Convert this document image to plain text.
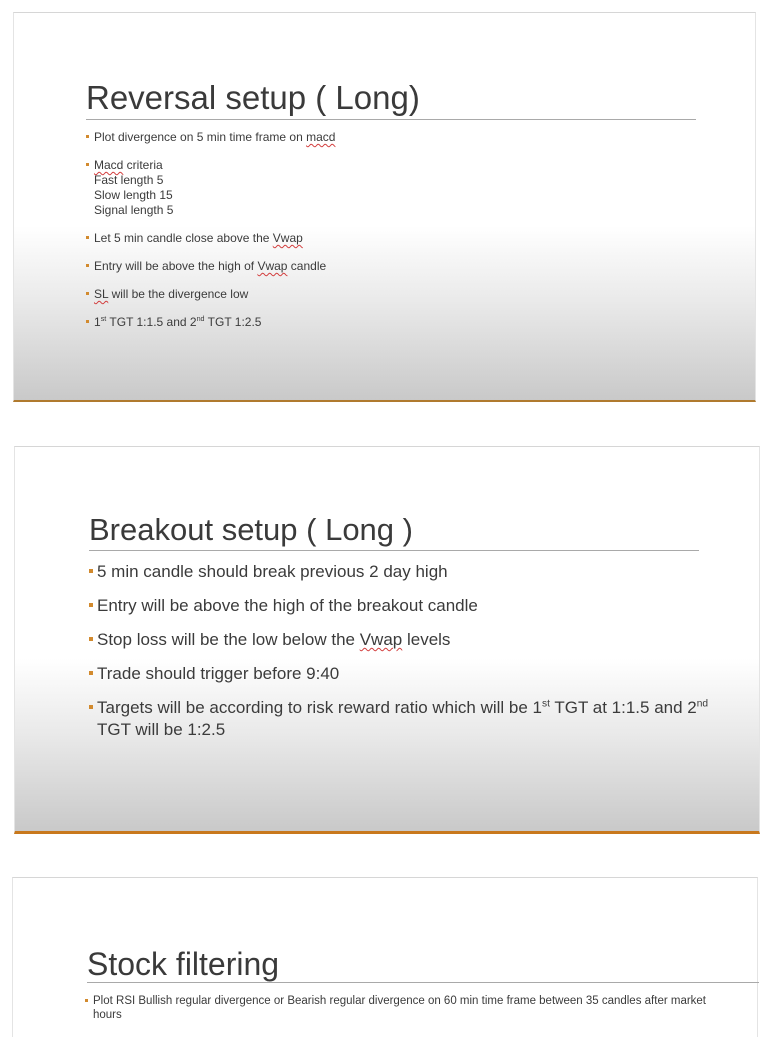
Reversal setup ( Long)
Plot divergence on 5 min time frame on macd
Macd criteria
Fast length 5
Slow length 15
Signal length 5
Let 5 min candle close above the Vwap
Entry will be above the high of Vwap candle
SL will be the divergence low
1st TGT 1:1.5 and 2nd TGT 1:2.5
Breakout setup ( Long )
5 min candle should break previous 2 day high
Entry will be above the high of the breakout candle
Stop loss will be the low below the Vwap levels
Trade should trigger before 9:40
Targets will be according to risk reward ratio which will be 1st TGT at 1:1.5 and 2nd TGT will be 1:2.5
Stock filtering
Plot RSI Bullish regular divergence or Bearish regular divergence on 60 min time frame between 35 candles after market hours
